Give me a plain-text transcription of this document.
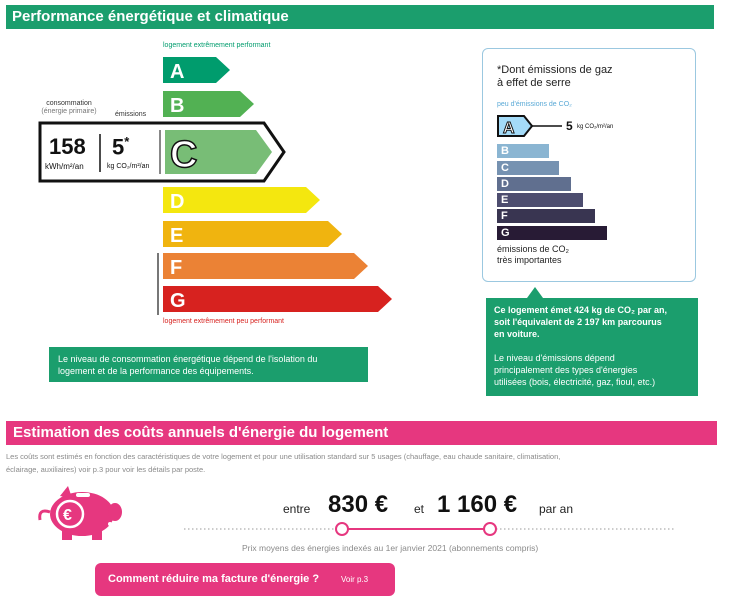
Performance énergétique et climatique
logement extrêmement performant
A
B
D
E
F
G
C
consommation
(énergie primaire)	émissions
158
kWh/m²/an
5*
kg CO₂/m²/an
logement extrêmement peu performant
Le niveau de consommation énergétique dépend de l'isolation du
logement et de la performance des équipements.
Pour l'améliorer, voir pages 4 à 6
*Dont émissions de gaz
à effet de serre
peu d'émissions de CO₂
A	5 kg CO₂/m²/an
B
C
D
E
F
G
émissions de CO₂
très importantes
Ce logement émet 424 kg de CO₂ par an,
soit l'équivalent de 2 197 km parcourus
en voiture.
Le niveau d'émissions dépend
principalement des types d'énergies
utilisées (bois, électricité, gaz, fioul, etc.)
Estimation des coûts annuels d'énergie du logement
Les coûts sont estimés en fonction des caractéristiques de votre logement et pour une utilisation standard sur 5 usages (chauffage, eau chaude sanitaire, climatisation,
éclairage, auxiliaires) voir p.3 pour voir les détails par poste.
€	entre 830 € et 1 160 € par an
Prix moyens des énergies indexés au 1er janvier 2021 (abonnements compris)
Comment réduire ma facture d'énergie ?	Voir p.3
